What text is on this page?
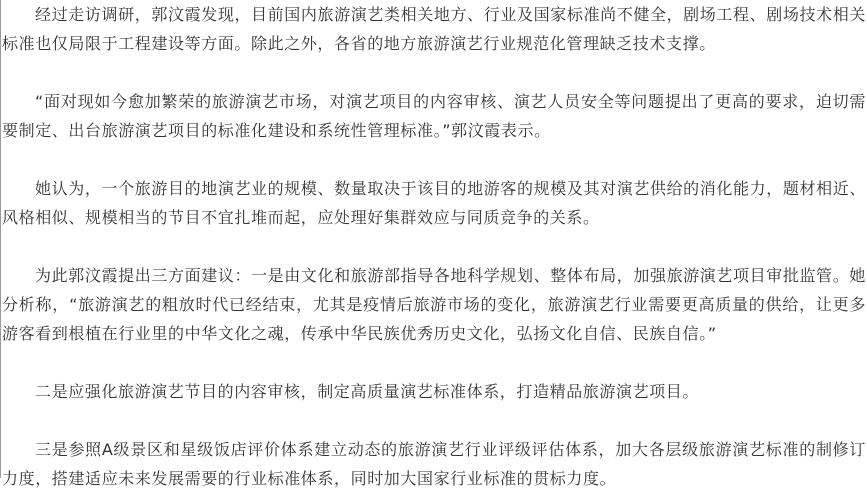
经过走访调研，郭汶霞发现，目前国内旅游演艺类相关地方、行业及国家标准尚不健全，剧场工程、剧场技术相关标准也仅局限于工程建设等方面。除此之外，各省的地方旅游演艺行业规范化管理缺乏技术支撑。

“面对现如今愈加繁荣的旅游演艺市场，对演艺项目的内容审核、演艺人员安全等问题提出了更高的要求，迫切需要制定、出台旅游演艺项目的标准化建设和系统性管理标准。”郭汶霞表示。

她认为，一个旅游目的地演艺业的规模、数量取决于该目的地游客的规模及其对演艺供给的消化能力，题材相近、风格相似、规模相当的节目不宜扎堆而起，应处理好集群效应与同质竞争的关系。

为此郭汶霞提出三方面建议：一是由文化和旅游部指导各地科学规划、整体布局，加强旅游演艺项目审批监管。她分析称，“旅游演艺的粗放时代已经结束，尤其是疫情后旅游市场的变化，旅游演艺行业需要更高质量的供给，让更多游客看到根植在行业里的中华文化之魂，传承中华民族优秀历史文化，弘扬文化自信、民族自信。”

二是应强化旅游演艺节目的内容审核，制定高质量演艺标准体系，打造精品旅游演艺项目。

三是参照A级景区和星级饭店评价体系建立动态的旅游演艺行业评级评估体系，加大各层级旅游演艺标准的制修订力度，搭建适应未来发展需要的行业标准体系，同时加大国家行业标准的贯标力度。
